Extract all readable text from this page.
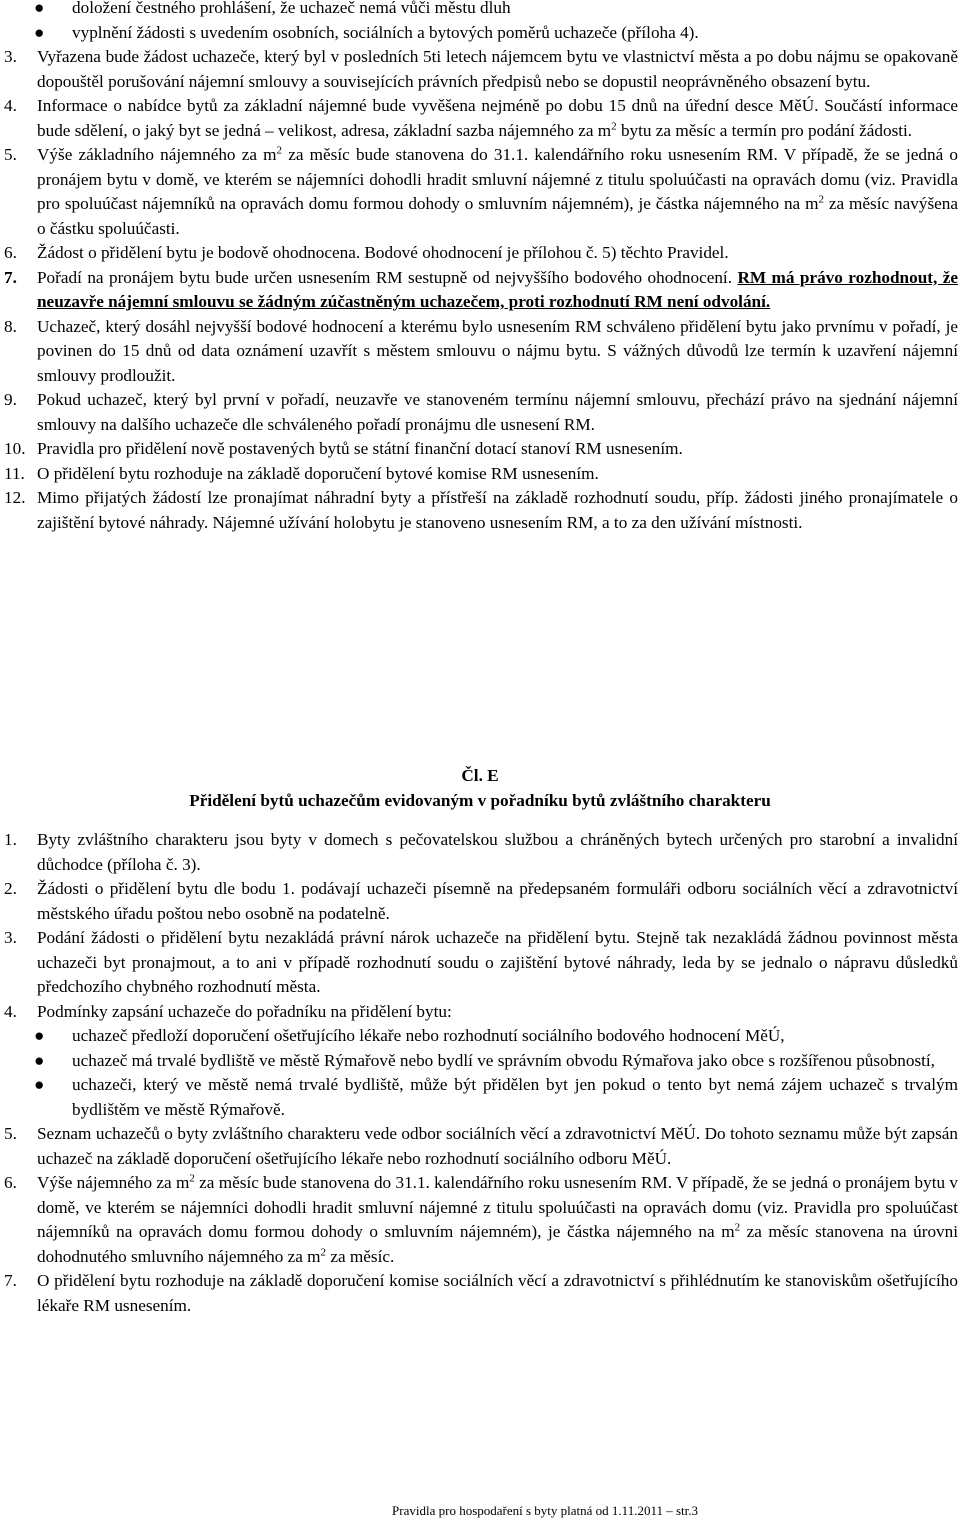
● doložení čestného prohlášení, že uchazeč nemá vůči městu dluh
● vyplnění žádosti s uvedením osobních, sociálních a bytových poměrů uchazeče (příloha 4).
3. Vyřazena bude žádost uchazeče, který byl v posledních 5ti letech nájemcem bytu ve vlastnictví města a po dobu nájmu se opakovaně dopouštěl porušování nájemní smlouvy a souvisejících právních předpisů nebo se dopustil neoprávněného obsazení bytu.
4. Informace o nabídce bytů za základní nájemné bude vyvěšena nejméně po dobu 15 dnů na úřední desce MěÚ. Součástí informace bude sdělení, o jaký byt se jedná – velikost, adresa, základní sazba nájemného za $m^2$ bytu za měsíc a termín pro podání žádosti.
5. Výše základního nájemného za $m^2$ za měsíc bude stanovena do 31.1. kalendářního roku usnesením RM. V případě, že se jedná o pronájem bytu v domě, ve kterém se nájemníci dohodli hradit smluvní nájemné z titulu spoluúčasti na opravách domu (viz. Pravidla pro spoluúčast nájemníků na opravách domu formou dohody o smluvním nájemném), je částka nájemného na $m^2$ za měsíc navýšena o částku spoluúčasti.
6. Žádost o přidělení bytu je bodově ohodnocena. Bodové ohodnocení je přílohou č. 5) těchto Pravidel.
7. Pořadí na pronájem bytu bude určen usnesením RM sestupně od nejvyššího bodového ohodnocení. RM má právo rozhodnout, že neuzavře nájemní smlouvu se žádným zúčastněným uchazečem, proti rozhodnutí RM není odvolání.
8. Uchazeč, který dosáhl nejvyšší bodové hodnocení a kterému bylo usnesením RM schváleno přidělení bytu jako prvnímu v pořadí, je povinen do 15 dnů od data oznámení uzavřít s městem smlouvu o nájmu bytu. S vážných důvodů lze termín k uzavření nájemní smlouvy prodloužit.
9. Pokud uchazeč, který byl první v pořadí, neuzavře ve stanoveném termínu nájemní smlouvu, přechází právo na sjednání nájemní smlouvy na dalšího uchazeče dle schváleného pořadí pronájmu dle usnesení RM.
10. Pravidla pro přidělení nově postavených bytů se státní finanční dotací stanoví RM usnesením.
11. O přidělení bytu rozhoduje na základě doporučení bytové komise RM usnesením.
12. Mimo přijatých žádostí lze pronajímat náhradní byty a přístřeší na základě rozhodnutí soudu, příp. žádosti jiného pronajímatele o zajištění bytové náhrady. Nájemné užívání holobytu je stanoveno usnesením RM, a to za den užívání místnosti.
Čl. E
Přidělení bytů uchazečům evidovaným v pořadníku bytů zvláštního charakteru
1. Byty zvláštního charakteru jsou byty v domech s pečovatelskou službou a chráněných bytech určených pro starobní a invalidní důchodce (příloha č. 3).
2. Žádosti o přidělení bytu dle bodu 1. podávají uchazeči písemně na předepsaném formuláři odboru sociálních věcí a zdravotnictví městského úřadu poštou nebo osobně na podatelně.
3. Podání žádosti o přidělení bytu nezakládá právní nárok uchazeče na přidělení bytu. Stejně tak nezakládá žádnou povinnost města uchazeči byt pronajmout, a to ani v případě rozhodnutí soudu o zajištění bytové náhrady, leda by se jednalo o nápravu důsledků předchozího chybného rozhodnutí města.
4. Podmínky zapsání uchazeče do pořadníku na přidělení bytu:
● uchazeč předloží doporučení ošetřujícího lékaře nebo rozhodnutí sociálního bodového hodnocení MěÚ,
● uchazeč má trvalé bydliště ve městě Rýmařově nebo bydlí ve správním obvodu Rýmařova jako obce s rozšířenou působností,
● uchazeči, který ve městě nemá trvalé bydliště, může být přidělen byt jen pokud o tento byt nemá zájem uchazeč s trvalým bydlištěm ve městě Rýmařově.
5. Seznam uchazečů o byty zvláštního charakteru vede odbor sociálních věcí a zdravotnictví MěÚ. Do tohoto seznamu může být zapsán uchazeč na základě doporučení ošetřujícího lékaře nebo rozhodnutí sociálního odboru MěÚ.
6. Výše nájemného za $m^2$ za měsíc bude stanovena do 31.1. kalendářního roku usnesením RM. V případě, že se jedná o pronájem bytu v domě, ve kterém se nájemníci dohodli hradit smluvní nájemné z titulu spoluúčasti na opravách domu (viz. Pravidla pro spoluúčast nájemníků na opravách domu formou dohody o smluvním nájemném), je částka nájemného na $m^2$ za měsíc stanovena na úrovni dohodnutého smluvního nájemného za $m^2$ za měsíc.
7. O přidělení bytu rozhoduje na základě doporučení komise sociálních věcí a zdravotnictví s přihlédnutím ke stanoviskům ošetřujícího lékaře RM usnesením.
Pravidla pro hospodaření s byty platná od 1.11.2011 – str.3
